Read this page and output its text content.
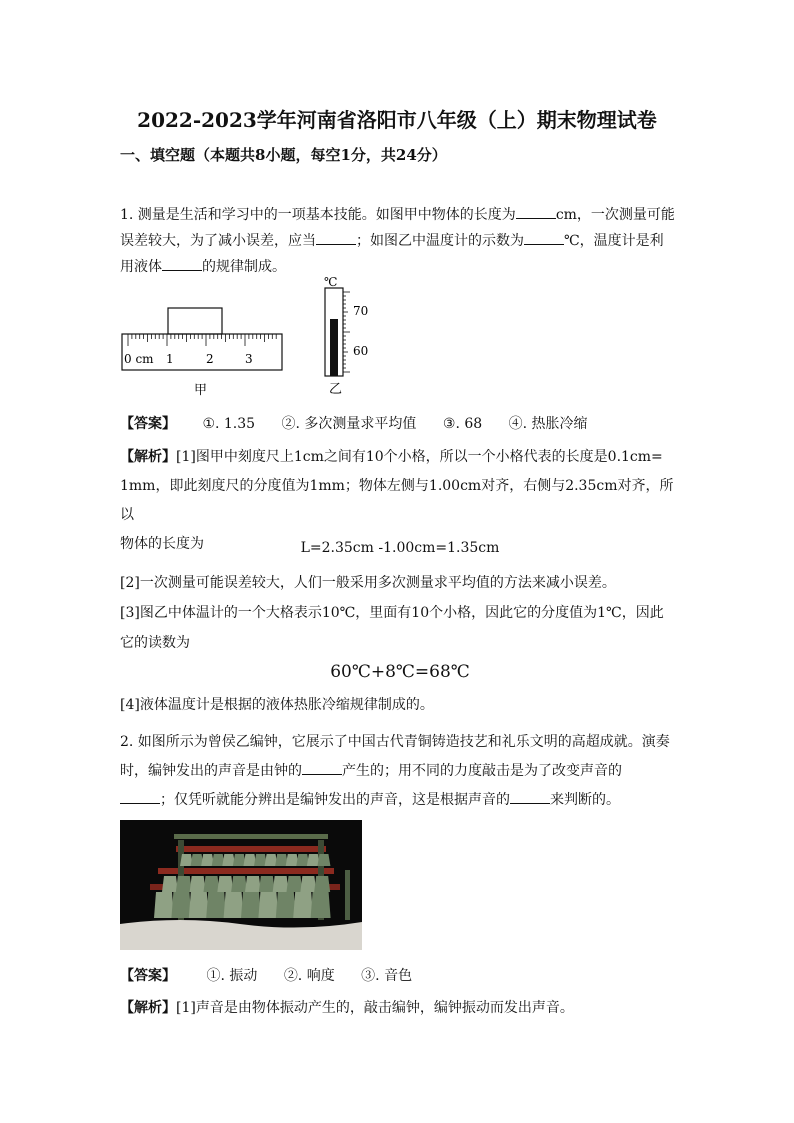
2022-2023学年河南省洛阳市八年级（上）期末物理试卷
一、填空题（本题共8小题，每空1分，共24分）
1. 测量是生活和学习中的一项基本技能。如图甲中物体的长度为	cm，一次测量可能
误差较大，为了减小误差，应当	；如图乙中温度计的示数为	℃，温度计是利
用液体	的规律制成。
0 cm 1	2	3
甲
℃
70
60
乙
【答案】 ①. 1.35 ②. 多次测量求平均值 ③. 68 ④. 热胀冷缩
【解析】[1]图甲中刻度尺上1cm之间有10个小格，所以一个小格代表的长度是0.1cm=
1mm，即此刻度尺的分度值为1mm；物体左侧与1.00cm对齐，右侧与2.35cm对齐，所以
物体的长度为	L=2.35cm -1.00cm=1.35cm
[2]一次测量可能误差较大，人们一般采用多次测量求平均值的方法来减小误差。
[3]图乙中体温计的一个大格表示10℃，里面有10个小格，因此它的分度值为1℃，因此
它的读数为
60℃+8℃=68℃
[4]液体温度计是根据的液体热胀冷缩规律制成的。
2. 如图所示为曾侯乙编钟，它展示了中国古代青铜铸造技艺和礼乐文明的高超成就。演奏
时，编钟发出的声音是由钟的	产生的；用不同的力度敲击是为了改变声音的
；仅凭听就能分辨出是编钟发出的声音，这是根据声音的	来判断的。
【答案】 ①. 振动 ②. 响度 ③. 音色
【解析】[1]声音是由物体振动产生的，敲击编钟，编钟振动而发出声音。
